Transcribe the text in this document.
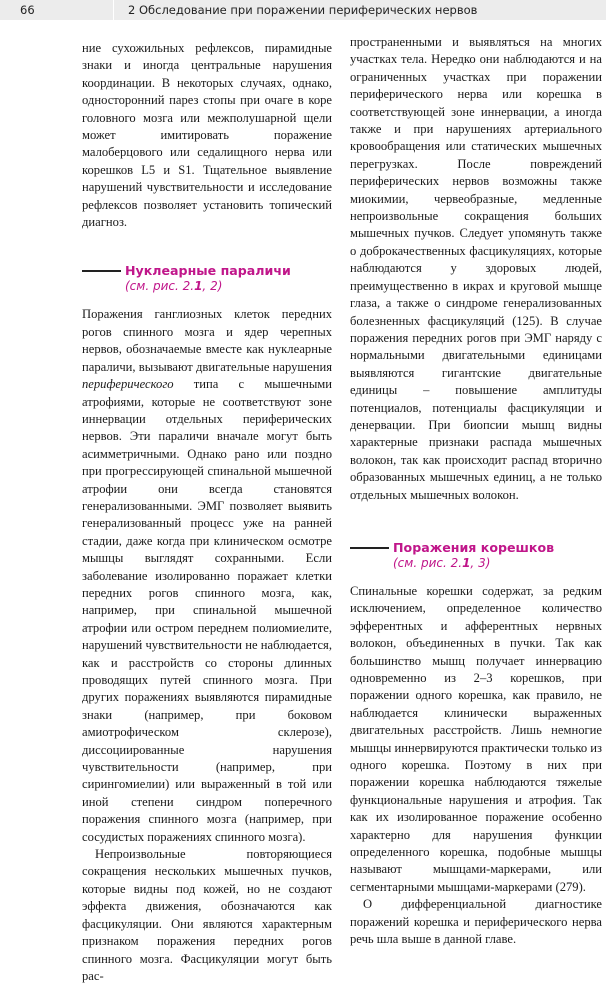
66	2 Обследование при поражении периферических нервов

ние сухожильных рефлексов, пирамидные знаки и иногда центральные нарушения координации. В некоторых случаях, однако, односторонний парез стопы при очаге в коре головного мозга или межполушарной щели может имитировать поражение малоберцового или седалищного нерва или корешков L5 и S1. Тщательное выявление нарушений чувствительности и исследование рефлексов позволяет установить топический диагноз.

Нуклеарные параличи
(см. рис. 2.1, 2)

Поражения ганглиозных клеток передних рогов спинного мозга и ядер черепных нервов, обозначаемые вместе как нуклеарные параличи, вызывают двигательные нарушения периферического типа с мышечными атрофиями, которые не соответствуют зоне иннервации отдельных периферических нервов. Эти параличи вначале могут быть асимметричными. Однако рано или поздно при прогрессирующей спинальной мышечной атрофии они всегда становятся генерализованными. ЭМГ позволяет выявить генерализованный процесс уже на ранней стадии, даже когда при клиническом осмотре мышцы выглядят сохранными. Если заболевание изолированно поражает клетки передних рогов спинного мозга, как, например, при спинальной мышечной атрофии или остром переднем полиомиелите, нарушений чувствительности не наблюдается, как и расстройств со стороны длинных проводящих путей спинного мозга. При других поражениях выявляются пирамидные знаки (например, при боковом амиотрофическом склерозе), диссоциированные нарушения чувствительности (например, при сирингомиелии) или выраженный в той или иной степени синдром поперечного поражения спинного мозга (например, при сосудистых поражениях спинного мозга).

Непроизвольные повторяющиеся сокращения нескольких мышечных пучков, которые видны под кожей, но не создают эффекта движения, обозначаются как фасцикуляции. Они являются характерным признаком поражения передних рогов спинного мозга. Фасцикуляции могут быть рас-

пространенными и выявляться на многих участках тела. Нередко они наблюдаются и на ограниченных участках при поражении периферического нерва или корешка в соответствующей зоне иннервации, а иногда также и при нарушениях артериального кровообращения или статических мышечных перегрузках. После повреждений периферических нервов возможны также миокимии, червеобразные, медленные непроизвольные сокращения больших мышечных пучков. Следует упомянуть также о доброкачественных фасцикуляциях, которые наблюдаются у здоровых людей, преимущественно в икрах и круговой мышце глаза, а также о синдроме генерализованных болезненных фасцикуляций (125). В случае поражения передних рогов при ЭМГ наряду с нормальными двигательными единицами выявляются гигантские двигательные единицы – повышение амплитуды потенциалов, потенциалы фасцикуляции и денервации. При биопсии мышц видны характерные признаки распада мышечных волокон, так как происходит распад вторично образованных мышечных единиц, а не только отдельных мышечных волокон.

Поражения корешков
(см. рис. 2.1, 3)

Спинальные корешки содержат, за редким исключением, определенное количество эфферентных и афферентных нервных волокон, объединенных в пучки. Так как большинство мышц получает иннервацию одновременно из 2–3 корешков, при поражении одного корешка, как правило, не наблюдается клинически выраженных двигательных расстройств. Лишь немногие мышцы иннервируются практически только из одного корешка. Поэтому в них при поражении корешка наблюдаются тяжелые функциональные нарушения и атрофия. Так как их изолированное поражение особенно характерно для нарушения функции определенного корешка, подобные мышцы называют мышцами-маркерами, или сегментарными мышцами-маркерами (279).

О дифференциальной диагностике поражений корешка и периферического нерва речь шла выше в данной главе.
